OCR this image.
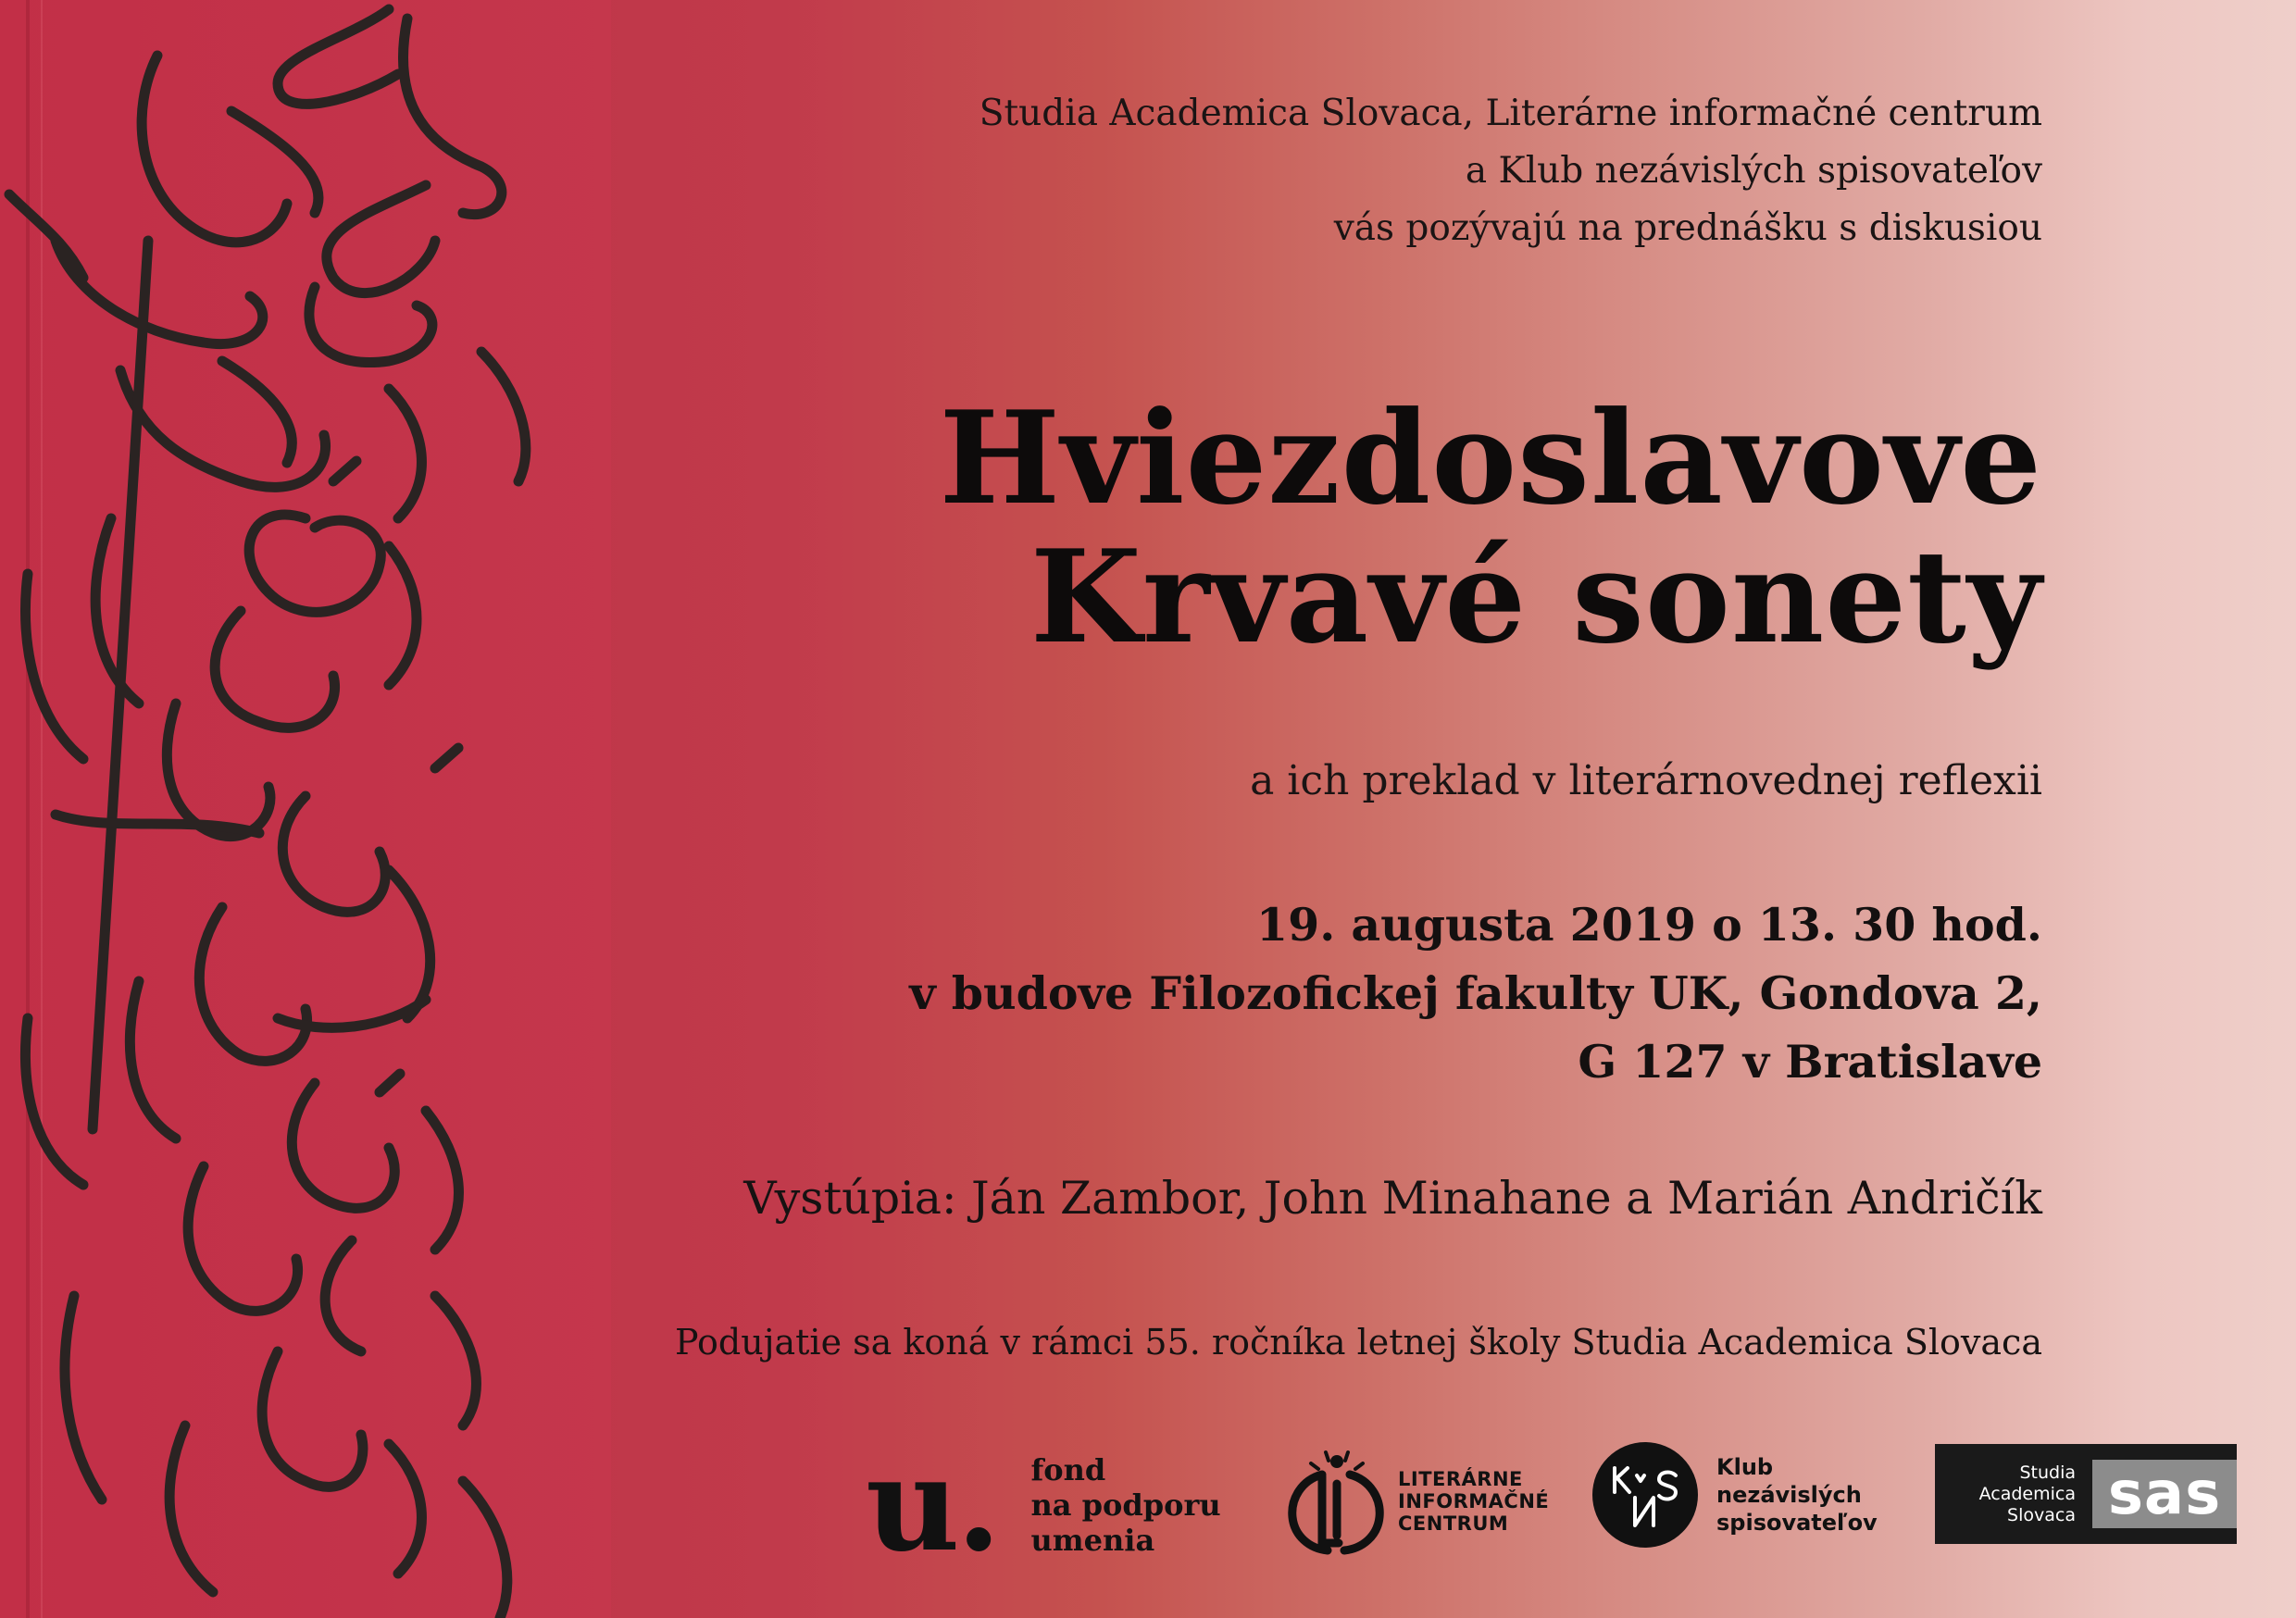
Studia Academica Slovaca, Literárne informačné centrum
a Klub nezávislých spisovateľov
vás pozývajú na prednášku s diskusiou
Hviezdoslavove
Krvavé sonety
a ich preklad v literárnovednej reflexii
19. augusta 2019 o 13. 30 hod.
v budove Filozofickej fakulty UK, Gondova 2,
G 127 v Bratislave
Vystúpia: Ján Zambor, John Minahane a Marián Andričík
Podujatie sa koná v rámci 55. ročníka letnej školy Studia Academica Slovaca
u. fond
na podporu
umenia
LITERÁRNE
INFORMAČNÉ
CENTRUM
Klub
nezávislých
spisovateľov
Studia
Academica
Slovaca sas
